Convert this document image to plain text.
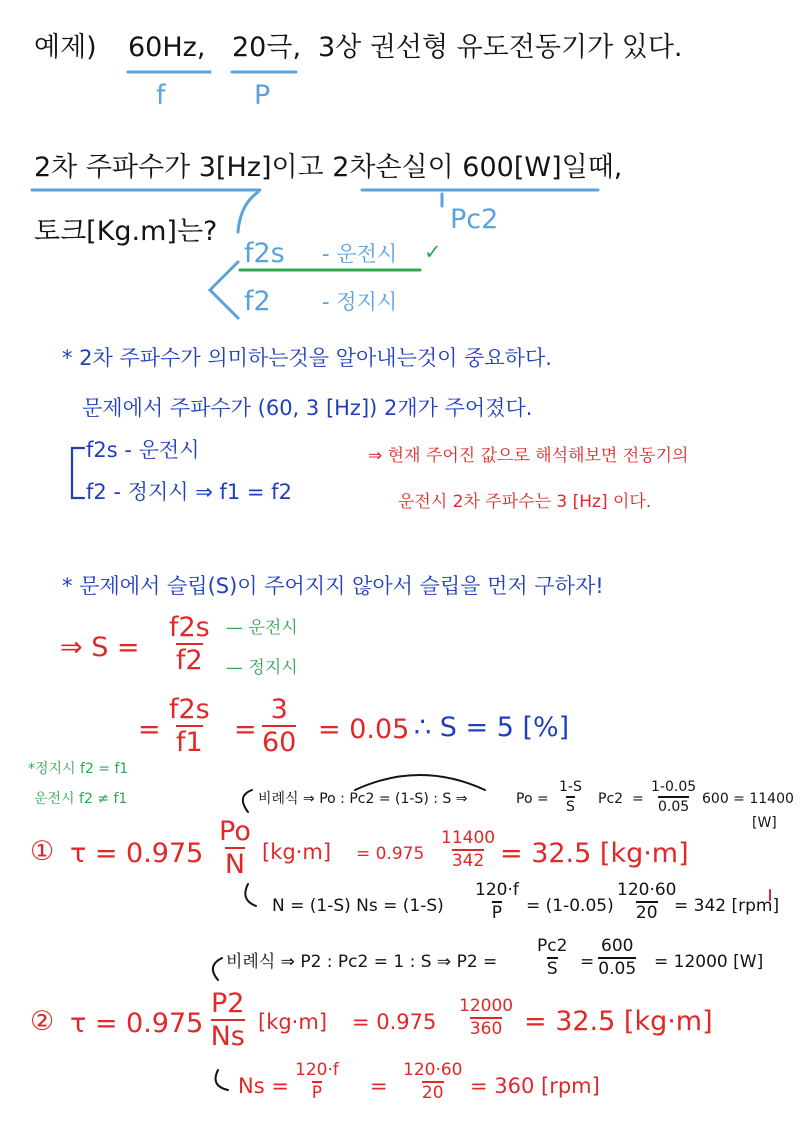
예제) 60Hz, 20극, 3상 권선형 유도전동기가 있다.
f	P
2차 주파수가 3[Hz]이고 2차손실이 600[W]일때,
Pc2
토크[Kg.m]는?
f2s - 운전시 ✓
f2 - 정지시
* 2차 주파수가 의미하는것을 알아내는것이 중요하다.
문제에서 주파수가 (60, 3 [Hz]) 2개가 주어졌다.
f2s - 운전시
f2 - 정지시 ⇒ f1 = f2
⇒ 현재 주어진 값으로 해석해보면 전동기의
운전시 2차 주파수는 3 [Hz] 이다.
* 문제에서 슬립(S)이 주어지지 않아서 슬립을 먼저 구하자!
⇒ $S = \frac{f2s}{f2}$ — 운전시
— 정지시
= $\frac{f2s}{f1} = \frac{3}{60} = 0.05$ ∴ S = 5 [%]
*정지시 f2 = f1
운전시 f2 ≠ f1	비례식 ⇒ Po : Pc2 = (1-S) : S ⇒	$Po = \frac{1-S}{S} Pc2 = \frac{1-0.05}{0.05} 600 = 11400$
[W]
① $\tau = 0.975 \frac{Po}{N} [kg\cdot m] = 0.975 \frac{11400}{342} = 32.5$ [kg·m]
N = (1-S) $Ns = (1-S) \frac{120\cdot f}{P} = (1-0.05) \frac{120\cdot 60}{20}$
= 342 [rpm]
비례식 ⇒ P2 : Pc2 = 1 : S ⇒ $P2 = \frac{Pc2}{S} = \frac{600}{0.05} = 12000$ [W]
② $\tau = 0.975 \frac{P2}{Ns} [kg\cdot m] = 0.975 \frac{12000}{360} = 32.5$ [kg·m]
$Ns = \frac{120\cdot f}{P} = \frac{120\cdot 60}{20} = 360$ [rpm]
